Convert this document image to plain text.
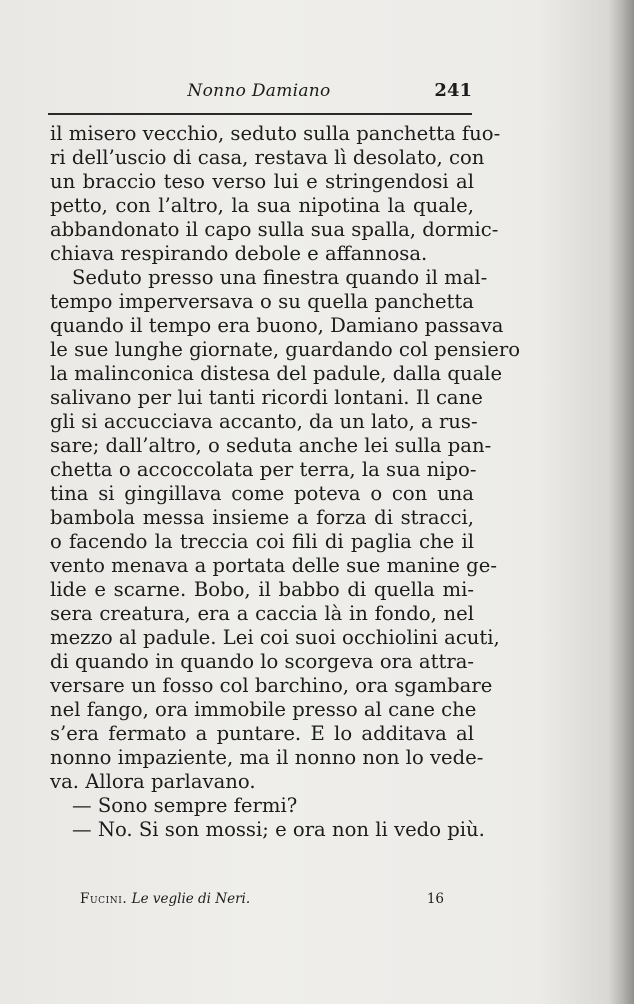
Nonno Damiano	241
il misero vecchio, seduto sulla panchetta fuo-
ri dell’uscio di casa, restava lì desolato, con
un braccio teso verso lui e stringendosi al
petto, con l’altro, la sua nipotina la quale,
abbandonato il capo sulla sua spalla, dormic-
chiava respirando debole e affannosa.
Seduto presso una finestra quando il mal-
tempo imperversava o su quella panchetta
quando il tempo era buono, Damiano passava
le sue lunghe giornate, guardando col pensiero
la malinconica distesa del padule, dalla quale
salivano per lui tanti ricordi lontani. Il cane
gli si accucciava accanto, da un lato, a rus-
sare; dall’altro, o seduta anche lei sulla pan-
chetta o accoccolata per terra, la sua nipo-
tina si gingillava come poteva o con una
bambola messa insieme a forza di stracci,
o facendo la treccia coi fili di paglia che il
vento menava a portata delle sue manine ge-
lide e scarne. Bobo, il babbo di quella mi-
sera creatura, era a caccia là in fondo, nel
mezzo al padule. Lei coi suoi occhiolini acuti,
di quando in quando lo scorgeva ora attra-
versare un fosso col barchino, ora sgambare
nel fango, ora immobile presso al cane che
s’era fermato a puntare. E lo additava al
nonno impaziente, ma il nonno non lo vede-
va. Allora parlavano.
— Sono sempre fermi?
— No. Si son mossi; e ora non li vedo più.
Fucini. Le veglie di Neri.	16
